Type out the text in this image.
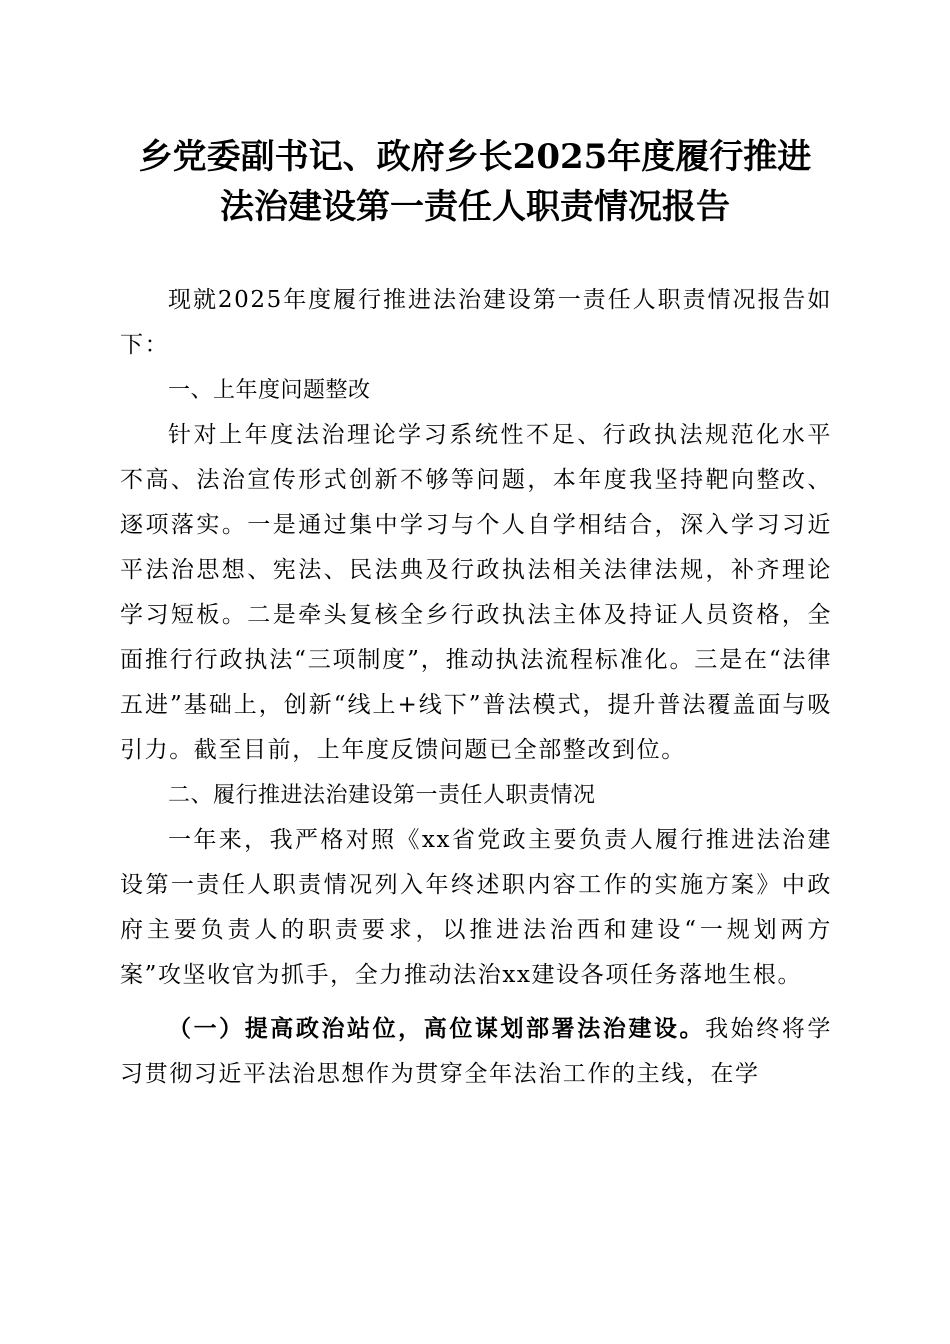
乡党委副书记、政府乡长2025年度履行推进
法治建设第一责任人职责情况报告

现就2025年度履行推进法治建设第一责任人职责情况报告如下：

一、上年度问题整改

针对上年度法治理论学习系统性不足、行政执法规范化水平不高、法治宣传形式创新不够等问题，本年度我坚持靶向整改、逐项落实。一是通过集中学习与个人自学相结合，深入学习习近平法治思想、宪法、民法典及行政执法相关法律法规，补齐理论学习短板。二是牵头复核全乡行政执法主体及持证人员资格，全面推行行政执法“三项制度”，推动执法流程标准化。三是在“法律五进”基础上，创新“线上+线下”普法模式，提升普法覆盖面与吸引力。截至目前，上年度反馈问题已全部整改到位。

二、履行推进法治建设第一责任人职责情况

一年来，我严格对照《xx省党政主要负责人履行推进法治建设第一责任人职责情况列入年终述职内容工作的实施方案》中政府主要负责人的职责要求，以推进法治西和建设“一规划两方案”攻坚收官为抓手，全力推动法治xx建设各项任务落地生根。

（一）提高政治站位，高位谋划部署法治建设。我始终将学习贯彻习近平法治思想作为贯穿全年法治工作的主线，在学
